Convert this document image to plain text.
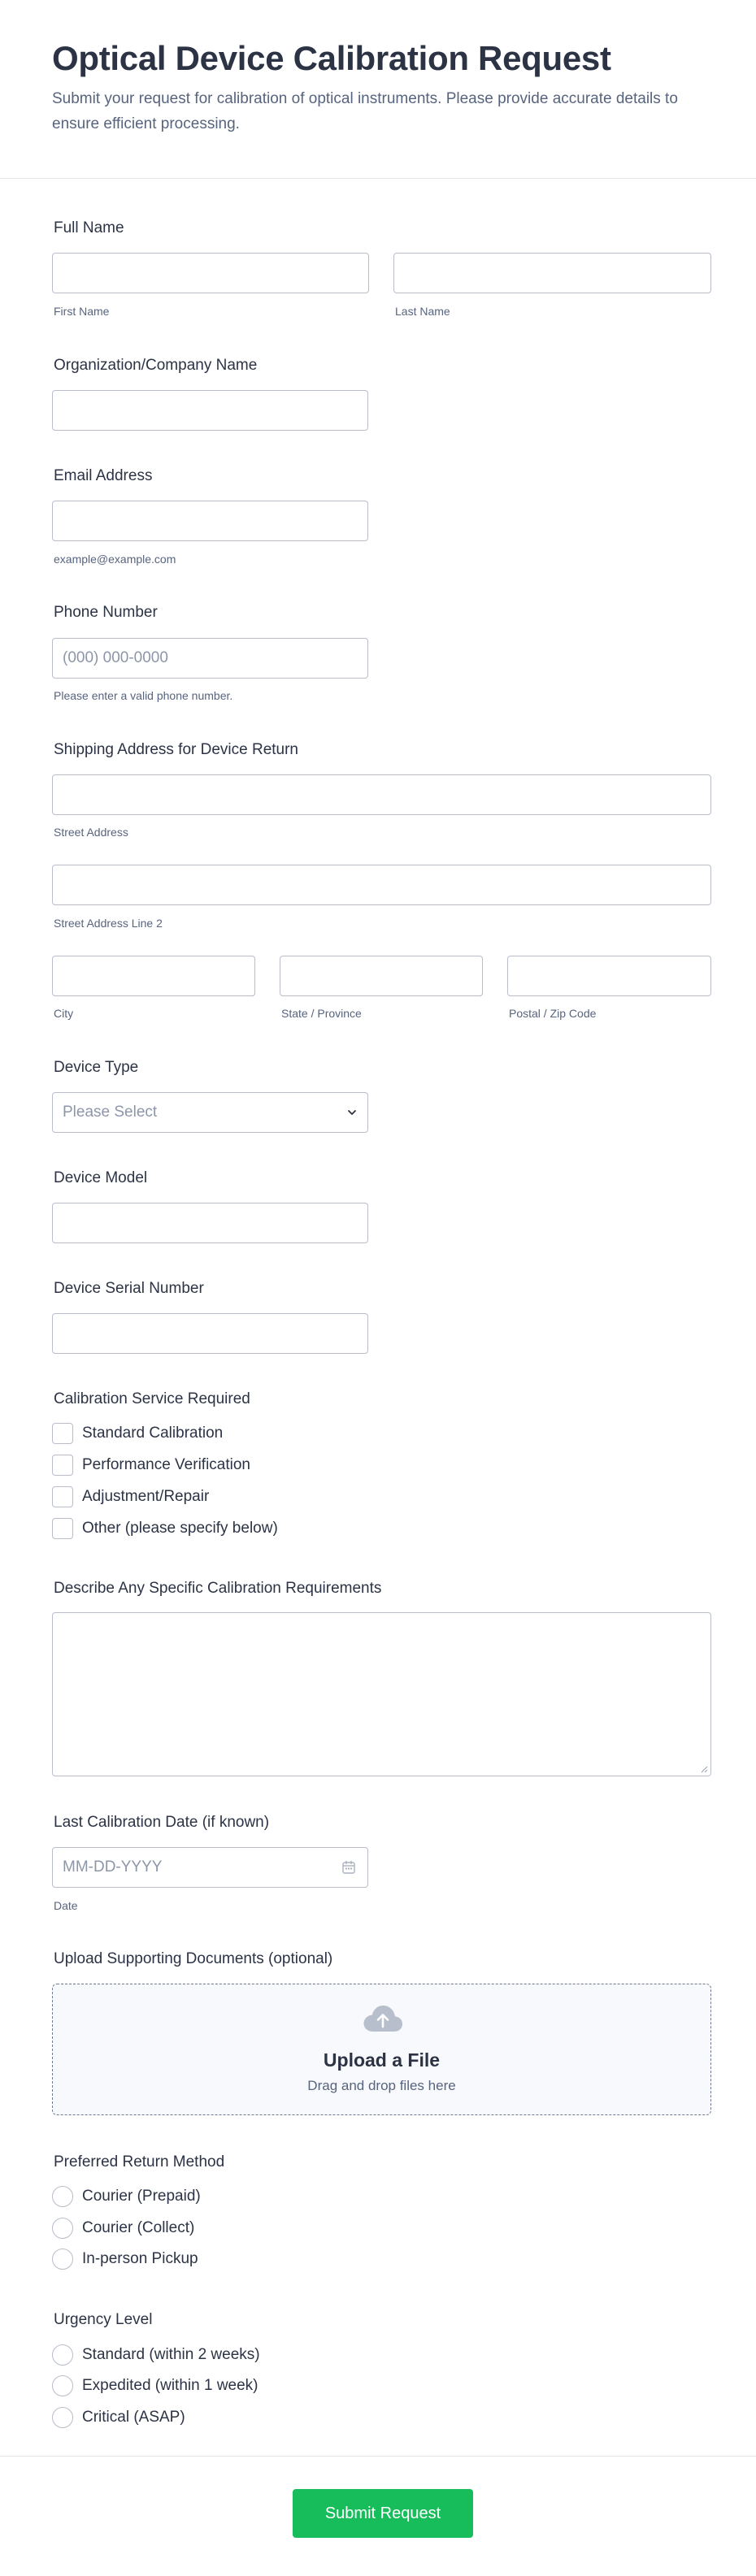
Optical Device Calibration Request
Submit your request for calibration of optical instruments. Please provide accurate details to ensure efficient processing.
Full Name
First Name	Last Name
Organization/Company Name
Email Address
example@example.com
Phone Number
(000) 000-0000
Please enter a valid phone number.
Shipping Address for Device Return
Street Address
Street Address Line 2
City	State / Province	Postal / Zip Code
Device Type
Please Select
Device Model
Device Serial Number
Calibration Service Required
Standard Calibration
Performance Verification
Adjustment/Repair
Other (please specify below)
Describe Any Specific Calibration Requirements
Last Calibration Date (if known)
MM-DD-YYYY
Date
Upload Supporting Documents (optional)
Upload a File
Drag and drop files here
Preferred Return Method
Courier (Prepaid)
Courier (Collect)
In-person Pickup
Urgency Level
Standard (within 2 weeks)
Expedited (within 1 week)
Critical (ASAP)
Submit Request
